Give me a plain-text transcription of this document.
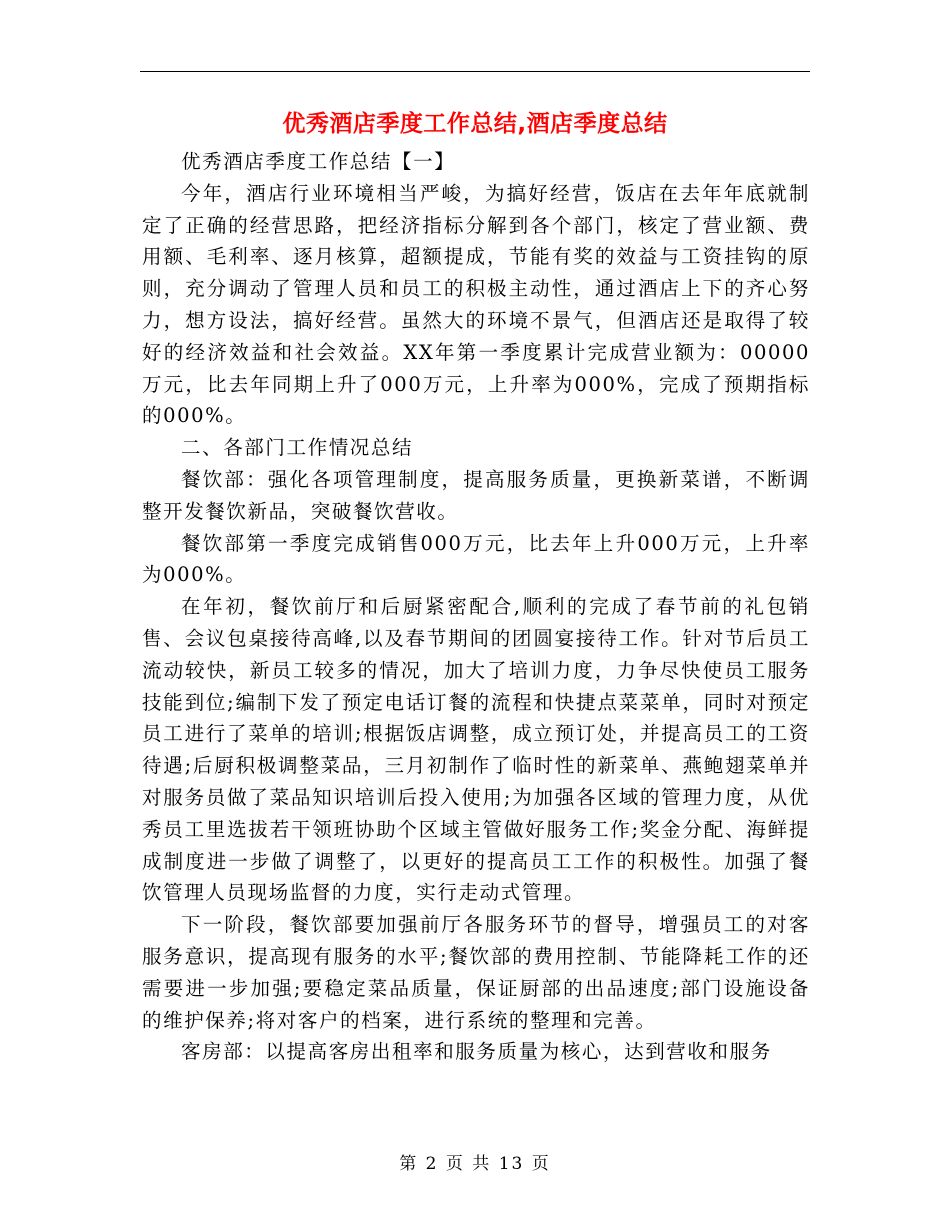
优秀酒店季度工作总结,酒店季度总结

优秀酒店季度工作总结【一】

今年，酒店行业环境相当严峻，为搞好经营，饭店在去年年底就制定了正确的经营思路，把经济指标分解到各个部门，核定了营业额、费用额、毛利率、逐月核算，超额提成，节能有奖的效益与工资挂钩的原则，充分调动了管理人员和员工的积极主动性，通过酒店上下的齐心努力，想方设法，搞好经营。虽然大的环境不景气，但酒店还是取得了较好的经济效益和社会效益。XX年第一季度累计完成营业额为：00000万元，比去年同期上升了000万元，上升率为000%，完成了预期指标的000%。

二、各部门工作情况总结

餐饮部：强化各项管理制度，提高服务质量，更换新菜谱，不断调整开发餐饮新品，突破餐饮营收。

餐饮部第一季度完成销售000万元，比去年上升000万元，上升率为000%。

在年初，餐饮前厅和后厨紧密配合,顺利的完成了春节前的礼包销售、会议包桌接待高峰,以及春节期间的团圆宴接待工作。针对节后员工流动较快，新员工较多的情况，加大了培训力度，力争尽快使员工服务技能到位;编制下发了预定电话订餐的流程和快捷点菜菜单，同时对预定员工进行了菜单的培训;根据饭店调整，成立预订处，并提高员工的工资待遇;后厨积极调整菜品，三月初制作了临时性的新菜单、燕鲍翅菜单并对服务员做了菜品知识培训后投入使用;为加强各区域的管理力度，从优秀员工里选拔若干领班协助个区域主管做好服务工作;奖金分配、海鲜提成制度进一步做了调整了，以更好的提高员工工作的积极性。加强了餐饮管理人员现场监督的力度，实行走动式管理。

下一阶段，餐饮部要加强前厅各服务环节的督导，增强员工的对客服务意识，提高现有服务的水平;餐饮部的费用控制、节能降耗工作的还需要进一步加强;要稳定菜品质量，保证厨部的出品速度;部门设施设备的维护保养;将对客户的档案，进行系统的整理和完善。

客房部：以提高客房出租率和服务质量为核心，达到营收和服务

第 2 页 共 13 页
